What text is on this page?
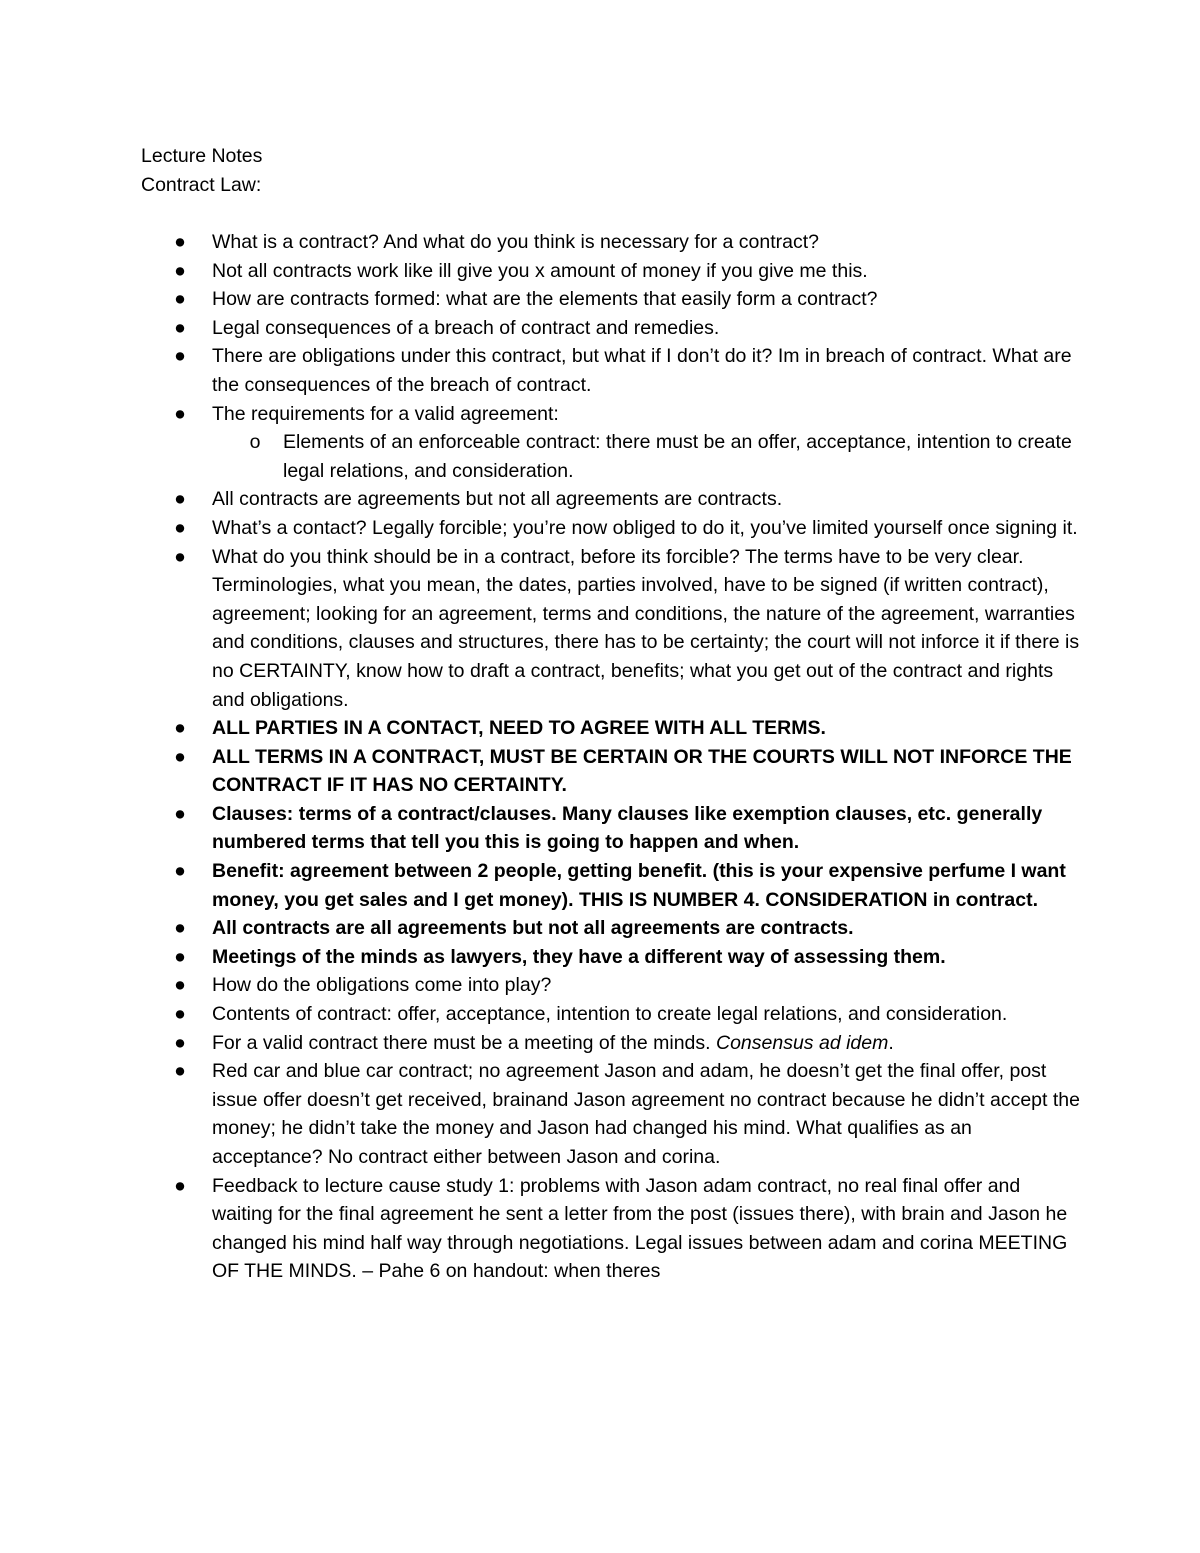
Lecture Notes
Contract Law:
● What is a contract? And what do you think is necessary for a contract?
● Not all contracts work like ill give you x amount of money if you give me this.
● How are contracts formed: what are the elements that easily form a contract?
● Legal consequences of a breach of contract and remedies.
● There are obligations under this contract, but what if I don’t do it? Im in breach of contract. What are the consequences of the breach of contract.
● The requirements for a valid agreement:
o Elements of an enforceable contract: there must be an offer, acceptance, intention to create legal relations, and consideration.
● All contracts are agreements but not all agreements are contracts.
● What’s a contact? Legally forcible; you’re now obliged to do it, you’ve limited yourself once signing it.
● What do you think should be in a contract, before its forcible? The terms have to be very clear. Terminologies, what you mean, the dates, parties involved, have to be signed (if written contract), agreement; looking for an agreement, terms and conditions, the nature of the agreement, warranties and conditions, clauses and structures, there has to be certainty; the court will not inforce it if there is no CERTAINTY, know how to draft a contract, benefits; what you get out of the contract and rights and obligations.
● ALL PARTIES IN A CONTACT, NEED TO AGREE WITH ALL TERMS.
● ALL TERMS IN A CONTRACT, MUST BE CERTAIN OR THE COURTS WILL NOT INFORCE THE CONTRACT IF IT HAS NO CERTAINTY.
● Clauses: terms of a contract/clauses. Many clauses like exemption clauses, etc. generally numbered terms that tell you this is going to happen and when.
● Benefit: agreement between 2 people, getting benefit. (this is your expensive perfume I want money, you get sales and I get money). THIS IS NUMBER 4. CONSIDERATION in contract.
● All contracts are all agreements but not all agreements are contracts.
● Meetings of the minds as lawyers, they have a different way of assessing them.
● How do the obligations come into play?
● Contents of contract: offer, acceptance, intention to create legal relations, and consideration.
● For a valid contract there must be a meeting of the minds. Consensus ad idem.
● Red car and blue car contract; no agreement Jason and adam, he doesn’t get the final offer, post issue offer doesn’t get received, brainand Jason agreement no contract because he didn’t accept the money; he didn’t take the money and Jason had changed his mind. What qualifies as an acceptance? No contract either between Jason and corina.
● Feedback to lecture cause study 1: problems with Jason adam contract, no real final offer and waiting for the final agreement he sent a letter from the post (issues there), with brain and Jason he changed his mind half way through negotiations. Legal issues between adam and corina MEETING OF THE MINDS. – Pahe 6 on handout: when theres
